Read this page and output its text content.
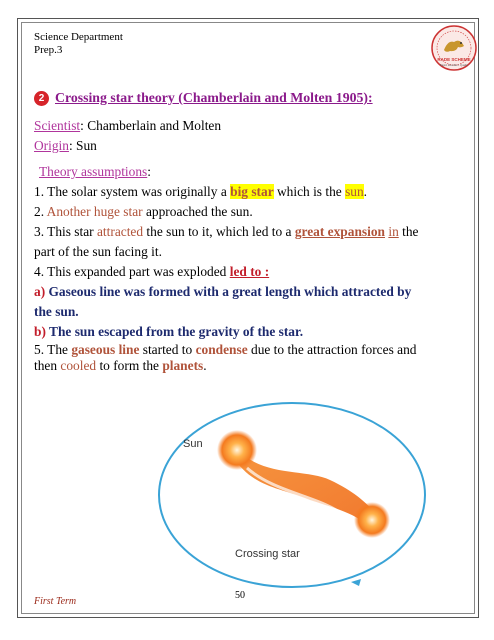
Science Department
Prep.3
RADE SCHEME
Rapid. Excellent. Quality
2 Crossing star theory (Chamberlain and Molten 1905):
Scientist: Chamberlain and Molten
Origin: Sun
Theory assumptions:
1. The solar system was originally a big star which is the sun.
2. Another huge star approached the sun.
3. This star attracted the sun to it, which led to a great expansion in the
part of the sun facing it.
4. This expanded part was exploded led to :
a) Gaseous line was formed with a great length which attracted by
the sun.
b) The sun escaped from the gravity of the star.
5. The gaseous line started to condense due to the attraction forces and
then cooled to form the planets.
Sun
Crossing star
First Term
50
